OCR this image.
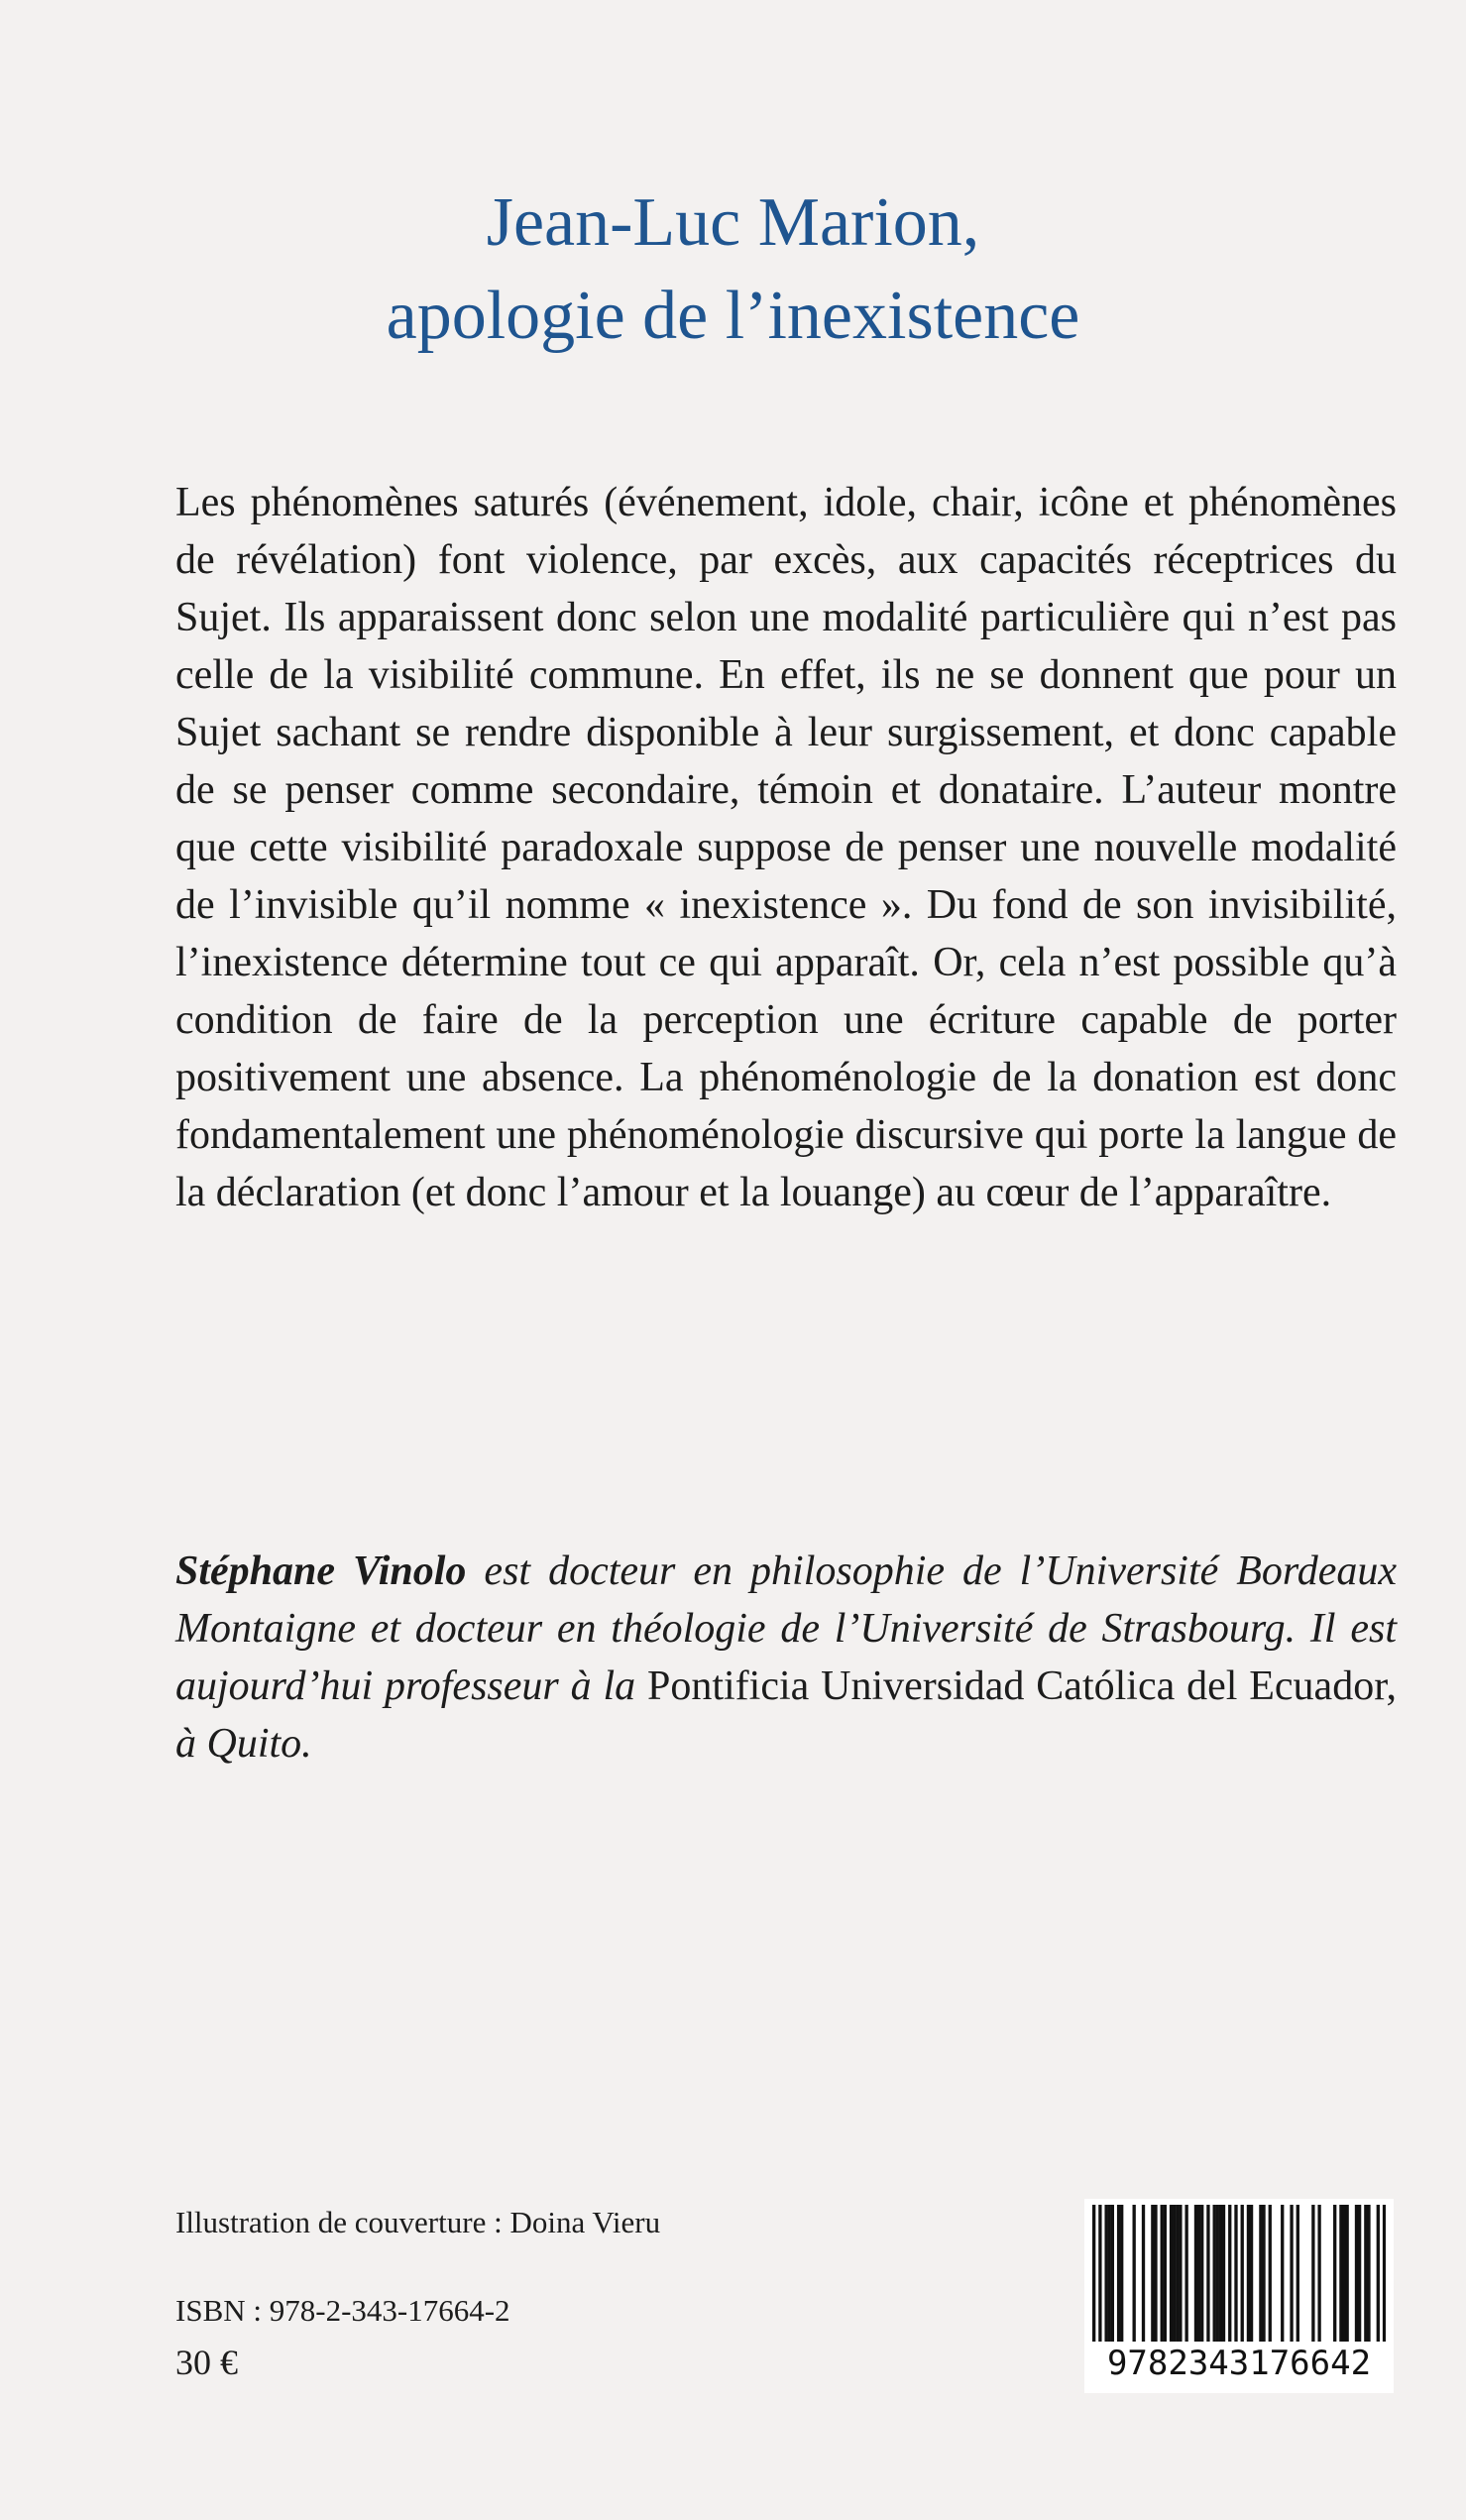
Jean-Luc Marion,
apologie de l’inexistence

Les phénomènes saturés (événement, idole, chair, icône et phénomènes de révélation) font violence, par excès, aux capacités réceptrices du Sujet. Ils apparaissent donc selon une modalité particulière qui n’est pas celle de la visibilité commune. En effet, ils ne se donnent que pour un Sujet sachant se rendre disponible à leur surgissement, et donc capable de se penser comme secondaire, témoin et donataire. L’auteur montre que cette visibilité paradoxale suppose de penser une nouvelle modalité de l’invisible qu’il nomme « inexistence ». Du fond de son invisibilité, l’inexistence détermine tout ce qui apparaît. Or, cela n’est possible qu’à condition de faire de la perception une écriture capable de porter positivement une absence. La phénoménologie de la donation est donc fondamentalement une phénoménologie discursive qui porte la langue de la déclaration (et donc l’amour et la louange) au cœur de l’apparaître.

Stéphane Vinolo est docteur en philosophie de l’Université Bordeaux Montaigne et docteur en théologie de l’Université de Strasbourg. Il est aujourd’hui professeur à la Pontificia Universidad Católica del Ecuador, à Quito.

Illustration de couverture : Doina Vieru
ISBN : 978-2-343-17664-2
30 €	9782343176642
